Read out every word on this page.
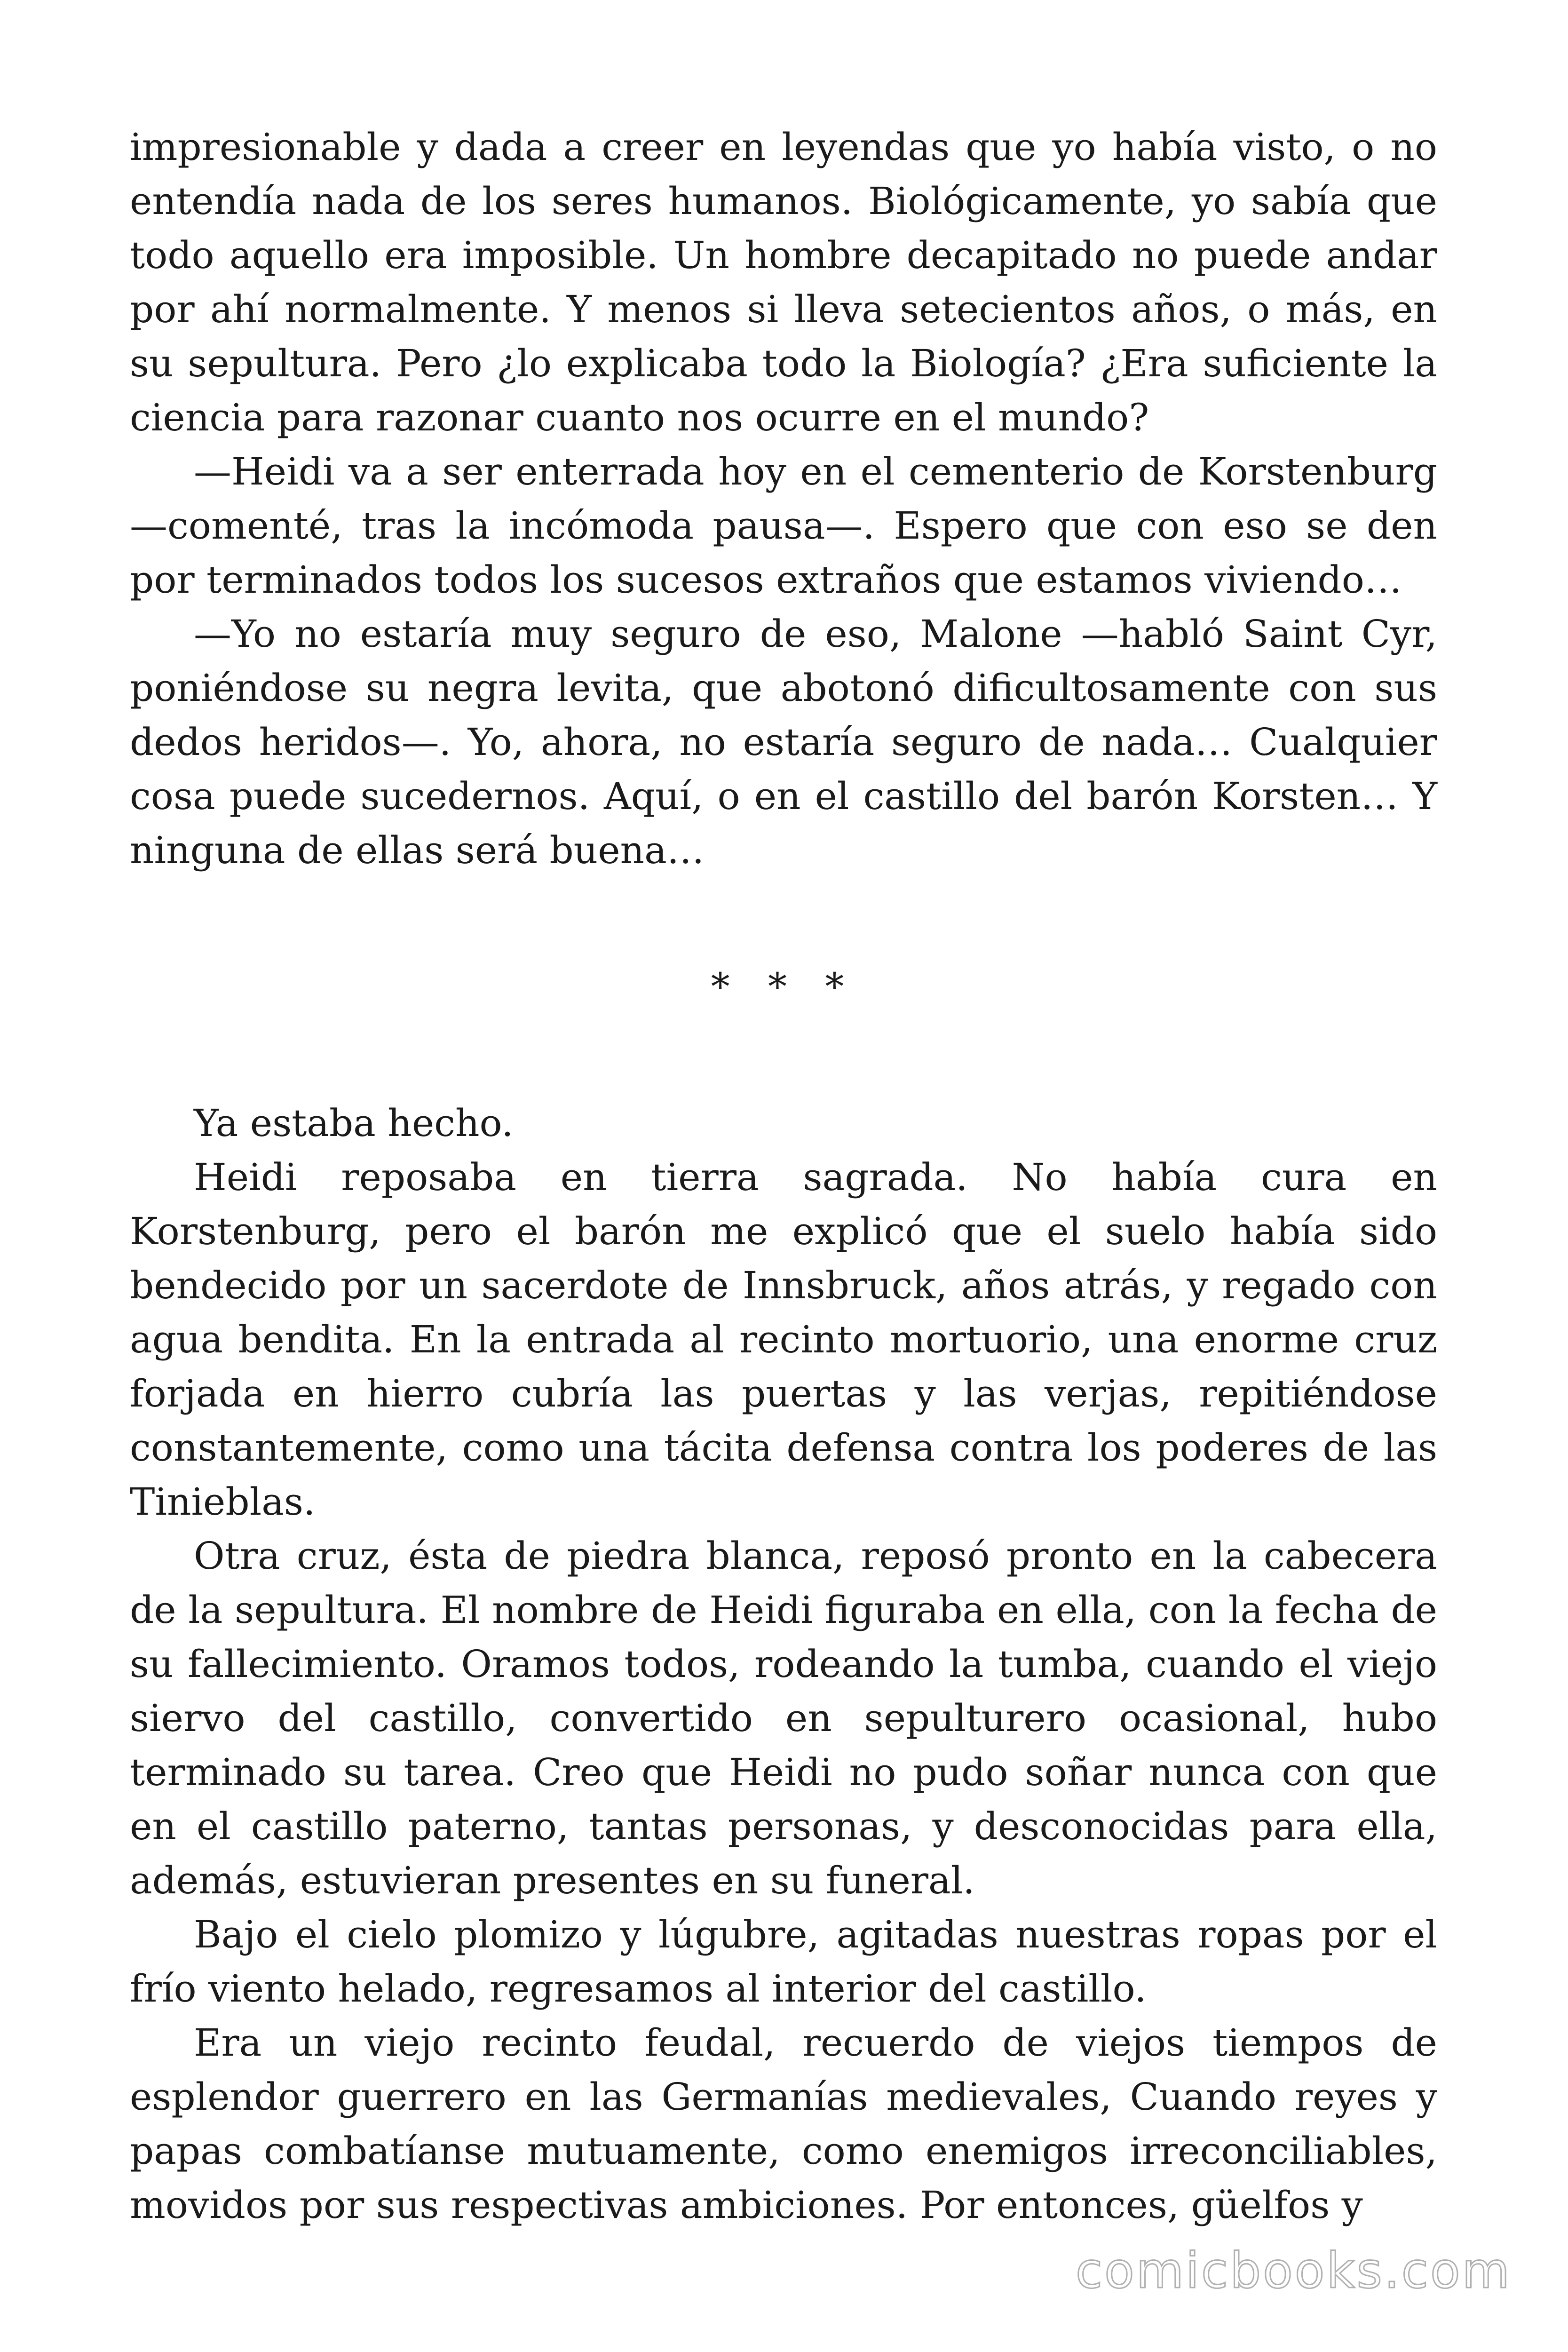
impresionable y dada a creer en leyendas que yo había visto, o no entendía nada de los seres humanos. Biológicamente, yo sabía que todo aquello era imposible. Un hombre decapitado no puede andar por ahí normalmente. Y menos si lleva setecientos años, o más, en su sepultura. Pero ¿lo explicaba todo la Biología? ¿Era suficiente la ciencia para razonar cuanto nos ocurre en el mundo?

—Heidi va a ser enterrada hoy en el cementerio de Korstenburg —comenté, tras la incómoda pausa—. Espero que con eso se den por terminados todos los sucesos extraños que estamos viviendo…

—Yo no estaría muy seguro de eso, Malone —habló Saint Cyr, poniéndose su negra levita, que abotonó dificultosamente con sus dedos heridos—. Yo, ahora, no estaría seguro de nada… Cualquier cosa puede sucedernos. Aquí, o en el castillo del barón Korsten… Y ninguna de ellas será buena…

* * *

Ya estaba hecho.

Heidi reposaba en tierra sagrada. No había cura en Korstenburg, pero el barón me explicó que el suelo había sido bendecido por un sacerdote de Innsbruck, años atrás, y regado con agua bendita. En la entrada al recinto mortuorio, una enorme cruz forjada en hierro cubría las puertas y las verjas, repitiéndose constantemente, como una tácita defensa contra los poderes de las Tinieblas.

Otra cruz, ésta de piedra blanca, reposó pronto en la cabecera de la sepultura. El nombre de Heidi figuraba en ella, con la fecha de su fallecimiento. Oramos todos, rodeando la tumba, cuando el viejo siervo del castillo, convertido en sepulturero ocasional, hubo terminado su tarea. Creo que Heidi no pudo soñar nunca con que en el castillo paterno, tantas personas, y desconocidas para ella, además, estuvieran presentes en su funeral.

Bajo el cielo plomizo y lúgubre, agitadas nuestras ropas por el frío viento helado, regresamos al interior del castillo.

Era un viejo recinto feudal, recuerdo de viejos tiempos de esplendor guerrero en las Germanías medievales, Cuando reyes y papas combatíanse mutuamente, como enemigos irreconciliables, movidos por sus respectivas ambiciones. Por entonces, güelfos y

comicbooks.com
